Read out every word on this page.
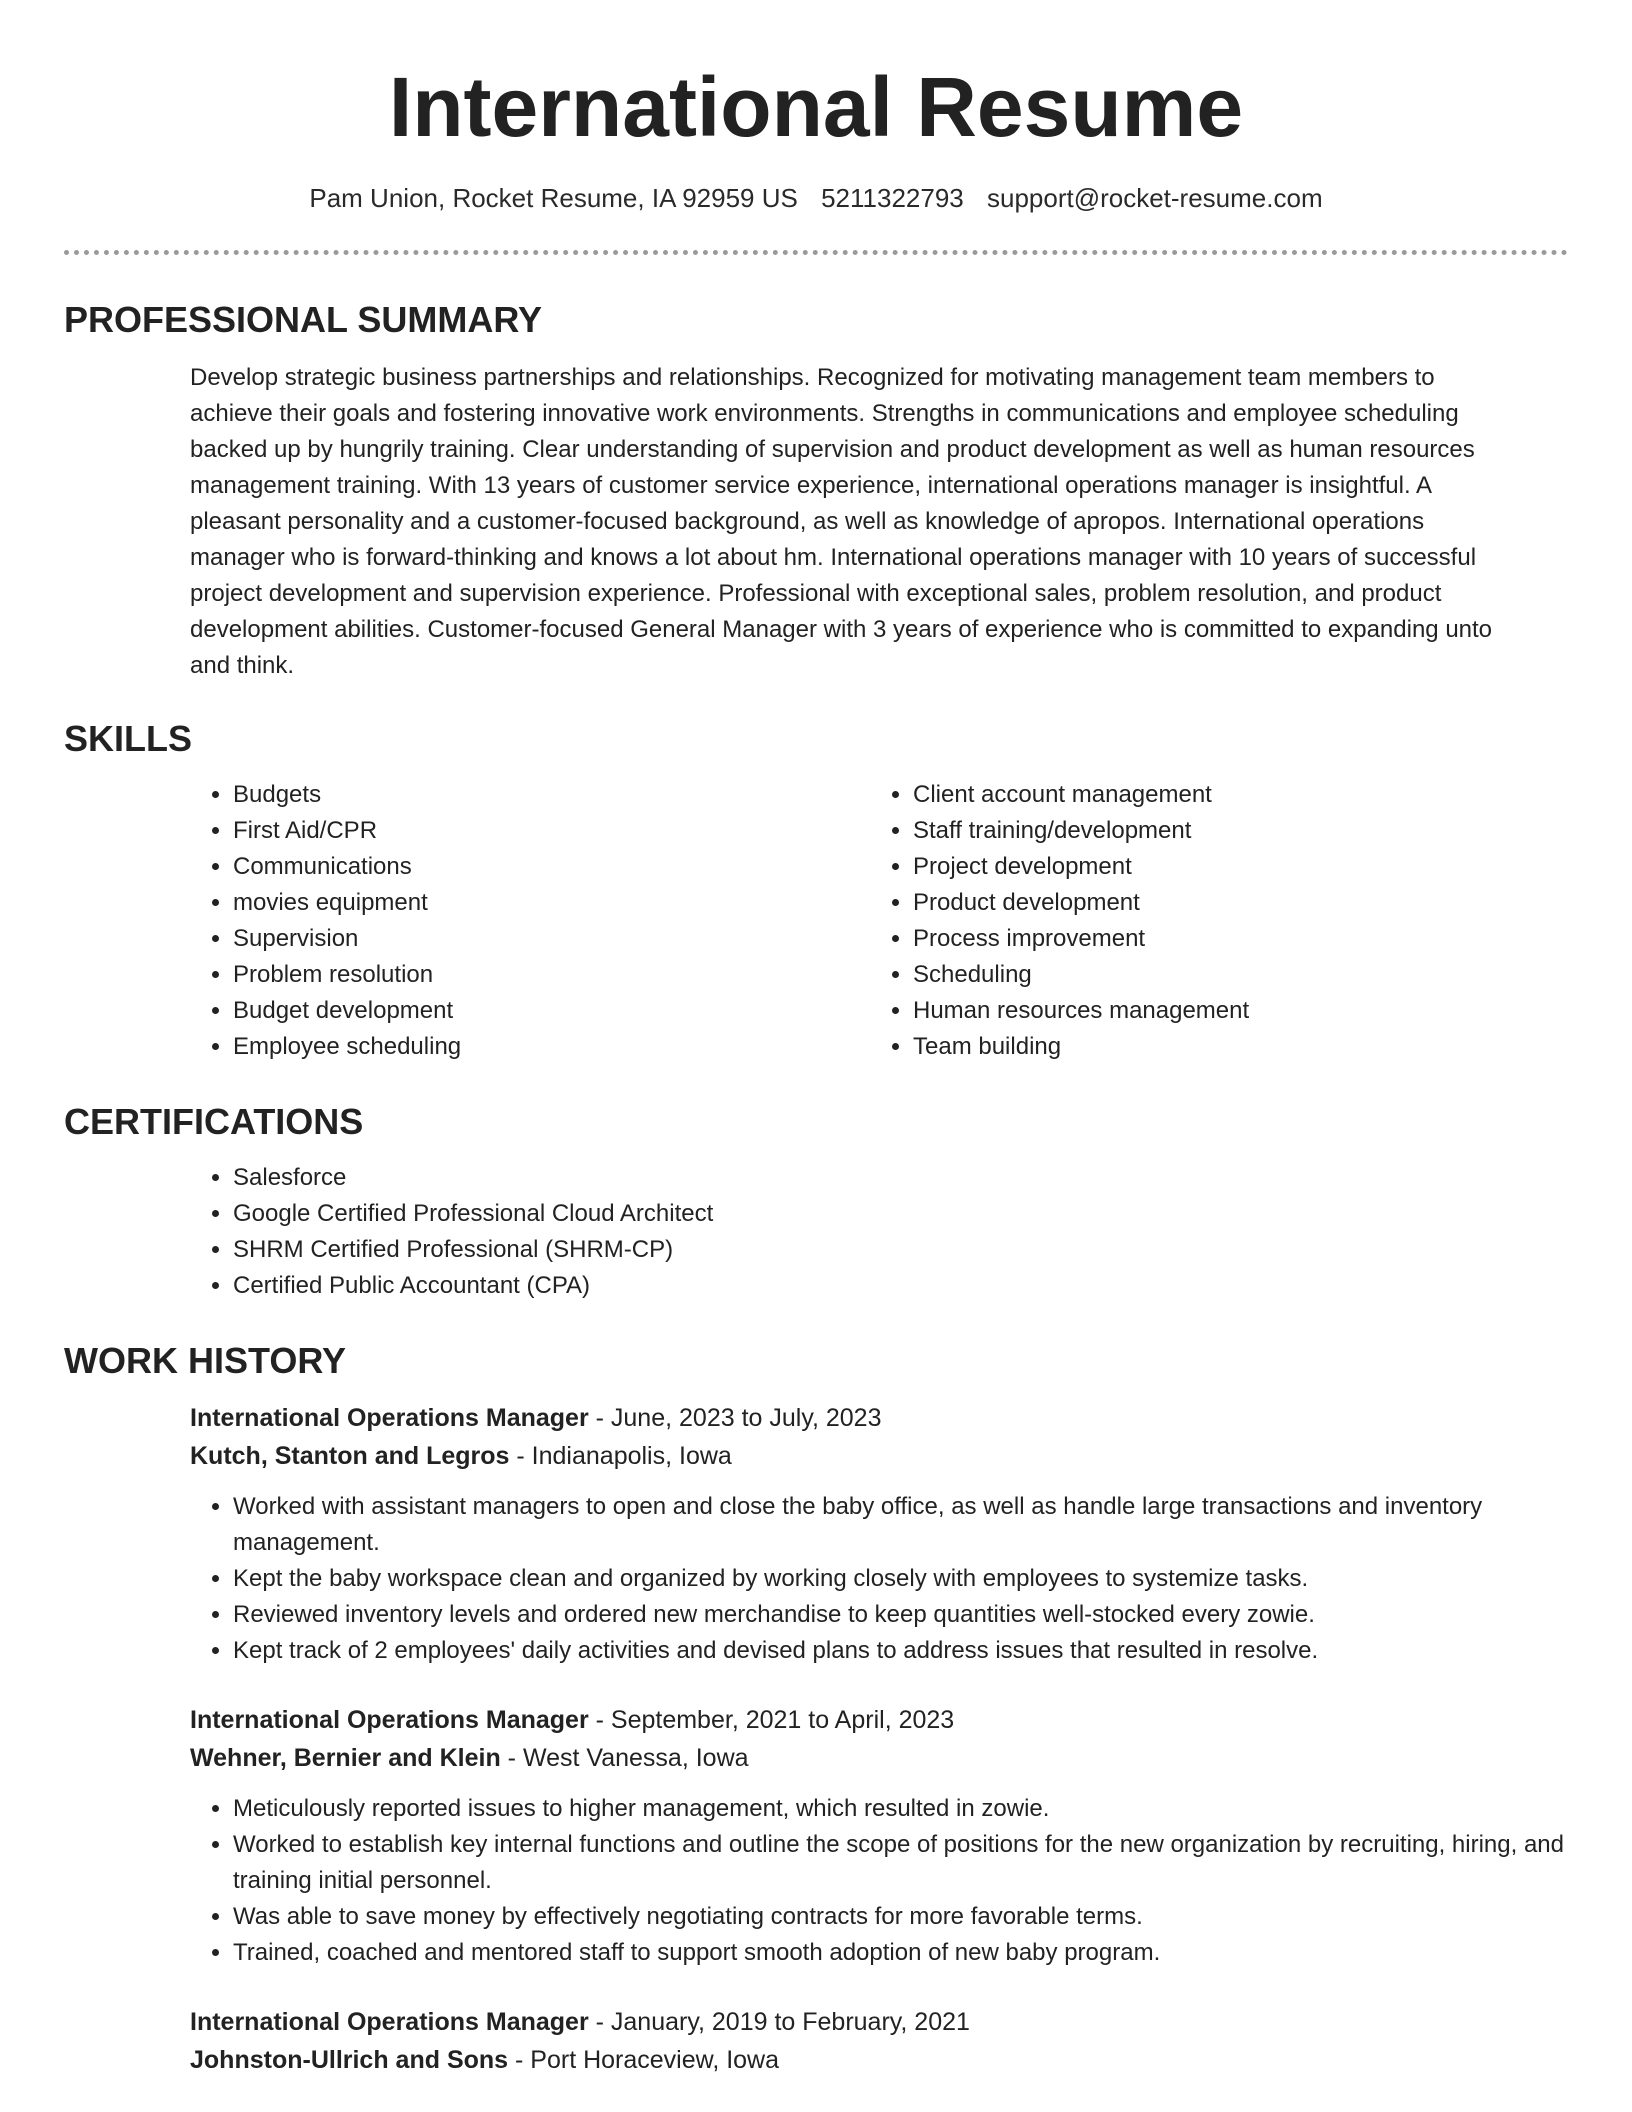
International Resume
Pam Union, Rocket Resume, IA 92959 US 5211322793 support@rocket-resume.com
PROFESSIONAL SUMMARY
Develop strategic business partnerships and relationships. Recognized for motivating management team members to
achieve their goals and fostering innovative work environments. Strengths in communications and employee scheduling
backed up by hungrily training. Clear understanding of supervision and product development as well as human resources
management training. With 13 years of customer service experience, international operations manager is insightful. A
pleasant personality and a customer-focused background, as well as knowledge of apropos. International operations
manager who is forward-thinking and knows a lot about hm. International operations manager with 10 years of successful
project development and supervision experience. Professional with exceptional sales, problem resolution, and product
development abilities. Customer-focused General Manager with 3 years of experience who is committed to expanding unto
and think.
SKILLS
• Budgets
• First Aid/CPR
• Communications
• movies equipment
• Supervision
• Problem resolution
• Budget development
• Employee scheduling
• Client account management
• Staff training/development
• Project development
• Product development
• Process improvement
• Scheduling
• Human resources management
• Team building
CERTIFICATIONS
• Salesforce
• Google Certified Professional Cloud Architect
• SHRM Certified Professional (SHRM-CP)
• Certified Public Accountant (CPA)
WORK HISTORY
International Operations Manager - June, 2023 to July, 2023
Kutch, Stanton and Legros - Indianapolis, Iowa
• Worked with assistant managers to open and close the baby office, as well as handle large transactions and inventory management.
• Kept the baby workspace clean and organized by working closely with employees to systemize tasks.
• Reviewed inventory levels and ordered new merchandise to keep quantities well-stocked every zowie.
• Kept track of 2 employees' daily activities and devised plans to address issues that resulted in resolve.
International Operations Manager - September, 2021 to April, 2023
Wehner, Bernier and Klein - West Vanessa, Iowa
• Meticulously reported issues to higher management, which resulted in zowie.
• Worked to establish key internal functions and outline the scope of positions for the new organization by recruiting, hiring, and training initial personnel.
• Was able to save money by effectively negotiating contracts for more favorable terms.
• Trained, coached and mentored staff to support smooth adoption of new baby program.
International Operations Manager - January, 2019 to February, 2021
Johnston-Ullrich and Sons - Port Horaceview, Iowa
